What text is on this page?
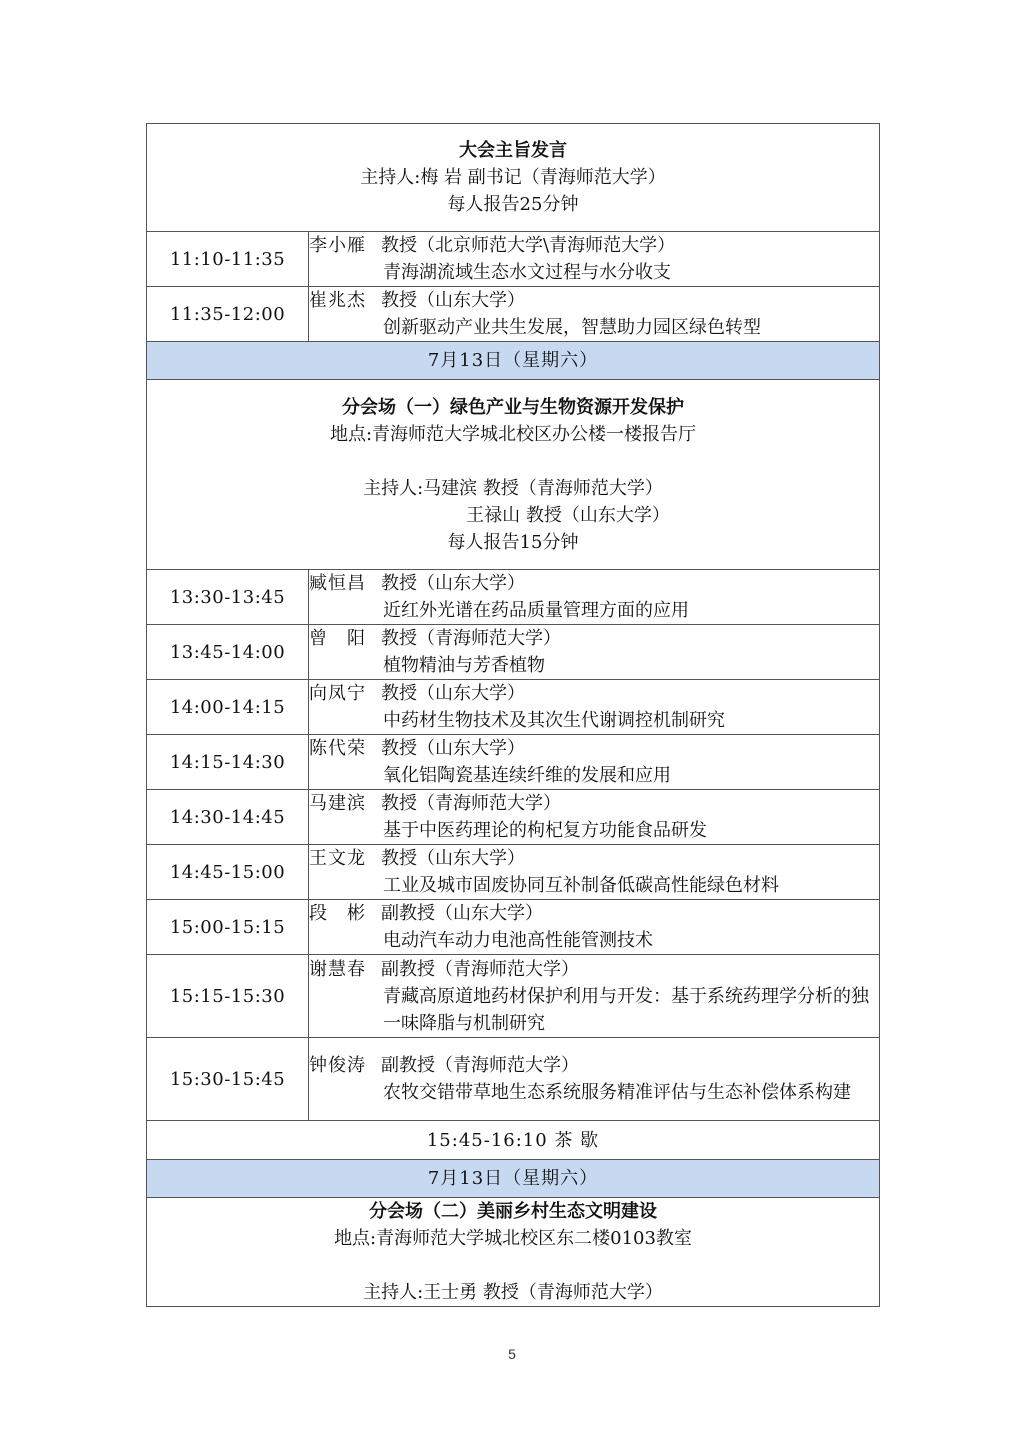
大会主旨发言
主持人:梅 岩 副书记（青海师范大学）
每人报告25分钟	

11:10-11:35	李小雁 教授（北京师范大学\青海师范大学）
青海湖流域生态水文过程与水分收支

11:35-12:00	崔兆杰 教授（山东大学）
创新驱动产业共生发展，智慧助力园区绿色转型

7月13日（星期六）	

分会场（一）绿色产业与生物资源开发保护
地点:青海师范大学城北校区办公楼一楼报告厅
主持人:马建滨 教授（青海师范大学）
王禄山 教授（山东大学）
每人报告15分钟	

13:30-13:45	臧恒昌 教授（山东大学）
近红外光谱在药品质量管理方面的应用

13:45-14:00	曾　阳 教授（青海师范大学）
植物精油与芳香植物

14:00-14:15	向凤宁 教授（山东大学）
中药材生物技术及其次生代谢调控机制研究

14:15-14:30	陈代荣 教授（山东大学）
氧化铝陶瓷基连续纤维的发展和应用

14:30-14:45	马建滨 教授（青海师范大学）
基于中医药理论的枸杞复方功能食品研发

14:45-15:00	王文龙 教授（山东大学）
工业及城市固废协同互补制备低碳高性能绿色材料

15:00-15:15	段　彬 副教授（山东大学）
电动汽车动力电池高性能管测技术

15:15-15:30	谢慧春 副教授（青海师范大学）
青藏高原道地药材保护利用与开发：基于系统药理学分析的独一味降脂与机制研究

15:30-15:45	钟俊涛 副教授（青海师范大学）
农牧交错带草地生态系统服务精准评估与生态补偿体系构建

15:45-16:10 茶 歇	
7月13日（星期六）	

分会场（二）美丽乡村生态文明建设
地点:青海师范大学城北校区东二楼0103教室
主持人:王士勇 教授（青海师范大学）	
5
